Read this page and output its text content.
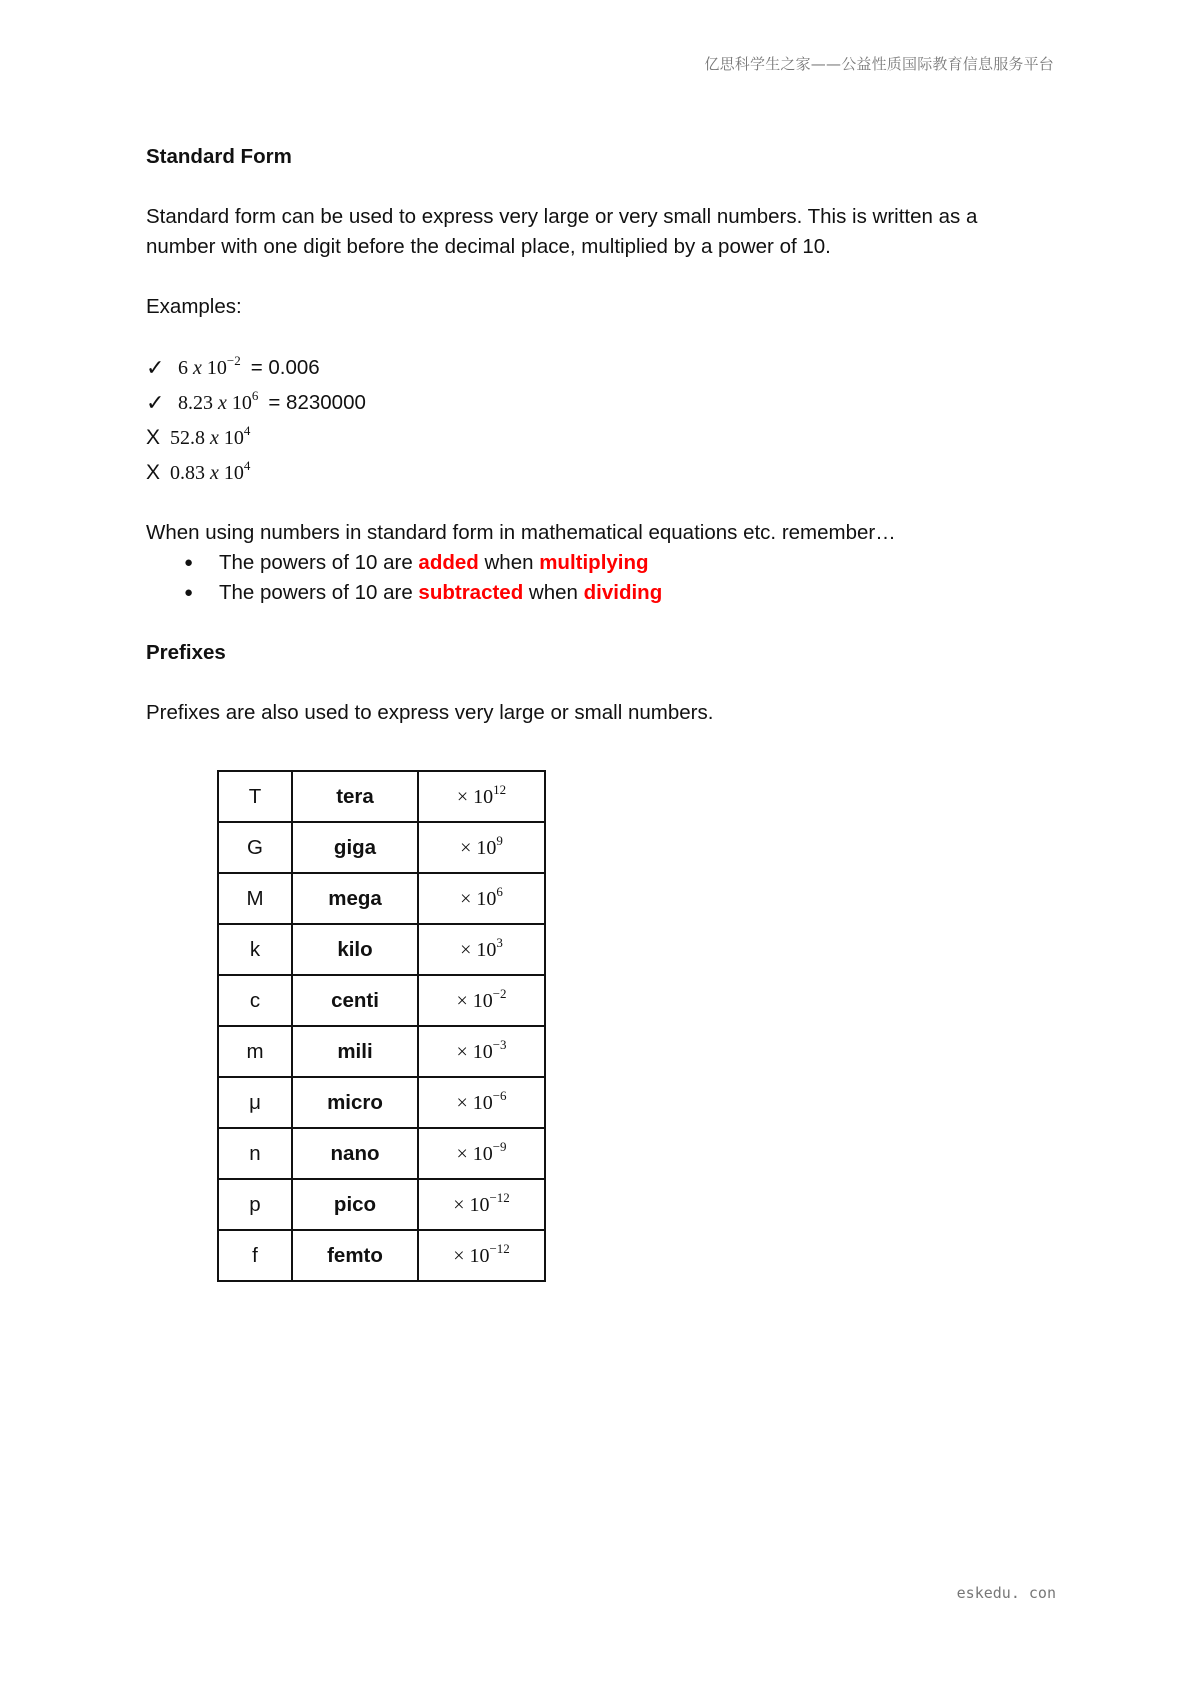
亿思科学生之家——公益性质国际教育信息服务平台

Standard Form

Standard form can be used to express very large or very small numbers. This is written as a

number with one digit before the decimal place, multiplied by a power of 10.

Examples:

✓ 6 x $10^{-2} = 0.006$
✓ 8.23 x $10^6 = 8230000$
X 52.8 x $10^4$
X 0.83 x $10^4$

When using numbers in standard form in mathematical equations etc. remember…

● The powers of 10 are added when multiplying
● The powers of 10 are subtracted when dividing

Prefixes

Prefixes are also used to express very large or small numbers.

T	tera	× $10^{12}$
G	giga	× $10^9$
M	mega	× $10^6$
k	kilo	× $10^3$
c	centi	× $10^{-2}$
m	mili	× $10^{-3}$
μ	micro	× $10^{-6}$
n	nano	× $10^{-9}$
p	pico	× $10^{-12}$
f	femto	× $10^{-12}$
eskedu. con
